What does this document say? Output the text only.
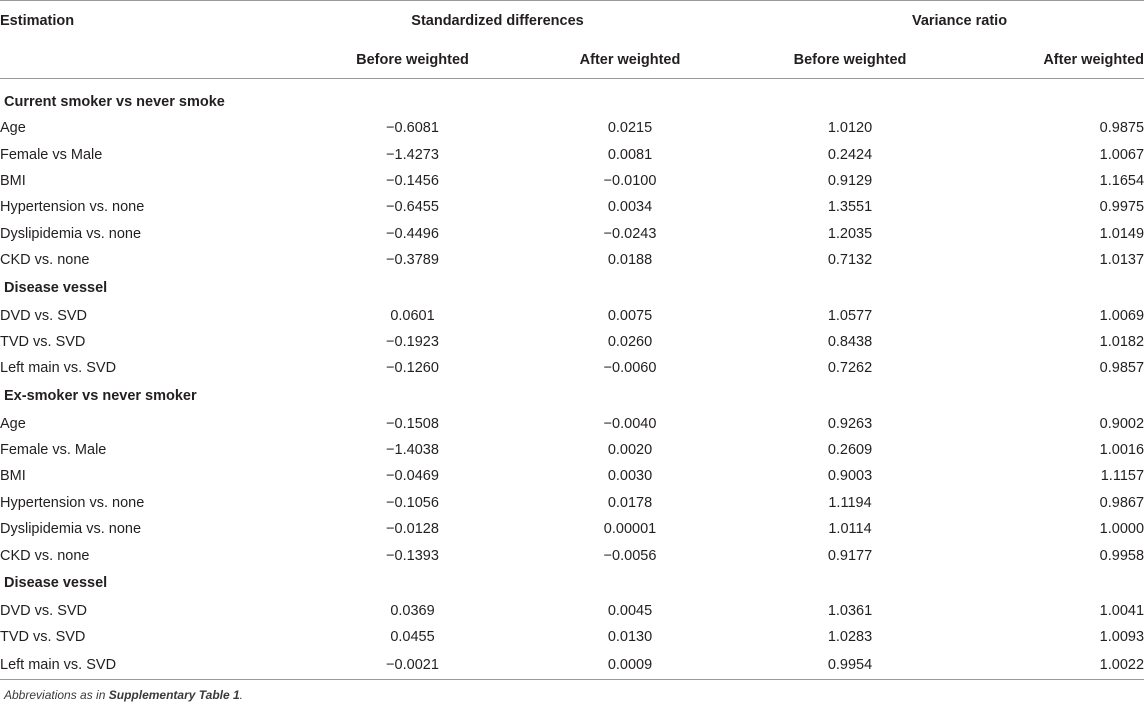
Estimation	Standardized differences		Variance ratio	
	Before weighted	After weighted	Before weighted	After weighted
Current smoker vs never smoke				
Age	−0.6081	0.0215	1.0120	0.9875
Female vs Male	−1.4273	0.0081	0.2424	1.0067
BMI	−0.1456	−0.0100	0.9129	1.1654
Hypertension vs. none	−0.6455	0.0034	1.3551	0.9975
Dyslipidemia vs. none	−0.4496	−0.0243	1.2035	1.0149
CKD vs. none	−0.3789	0.0188	0.7132	1.0137
Disease vessel				
DVD vs. SVD	0.0601	0.0075	1.0577	1.0069
TVD vs. SVD	−0.1923	0.0260	0.8438	1.0182
Left main vs. SVD	−0.1260	−0.0060	0.7262	0.9857
Ex-smoker vs never smoker				
Age	−0.1508	−0.0040	0.9263	0.9002
Female vs. Male	−1.4038	0.0020	0.2609	1.0016
BMI	−0.0469	0.0030	0.9003	1.1157
Hypertension vs. none	−0.1056	0.0178	1.1194	0.9867
Dyslipidemia vs. none	−0.0128	0.00001	1.0114	1.0000
CKD vs. none	−0.1393	−0.0056	0.9177	0.9958
Disease vessel				
DVD vs. SVD	0.0369	0.0045	1.0361	1.0041
TVD vs. SVD	0.0455	0.0130	1.0283	1.0093
Left main vs. SVD	−0.0021	0.0009	0.9954	1.0022
Abbreviations as in Supplementary Table 1.
